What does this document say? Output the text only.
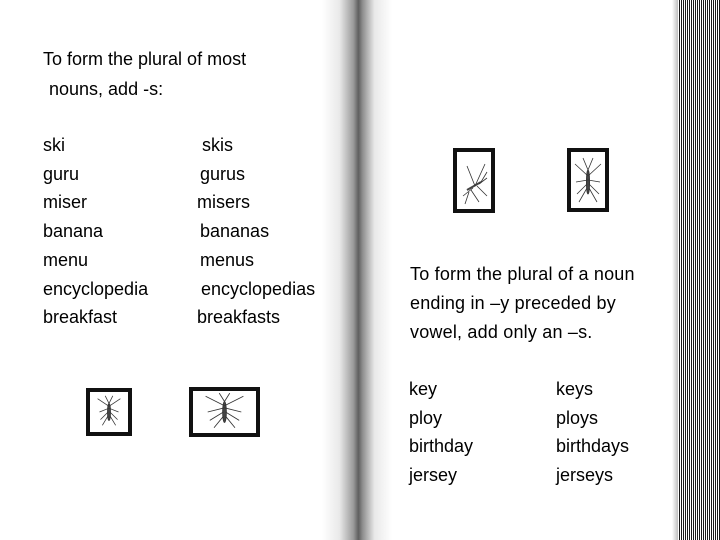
To form the plural of most
nouns, add -s:
ski
guru
miser
banana
menu
encyclopedia
breakfast
skis
gurus
misers
bananas
menus
encyclopedias
breakfasts
To form the plural of a noun
ending in –y preceded by
vowel, add only an –s.
key
ploy
birthday
jersey
keys
ploys
birthdays
jerseys
